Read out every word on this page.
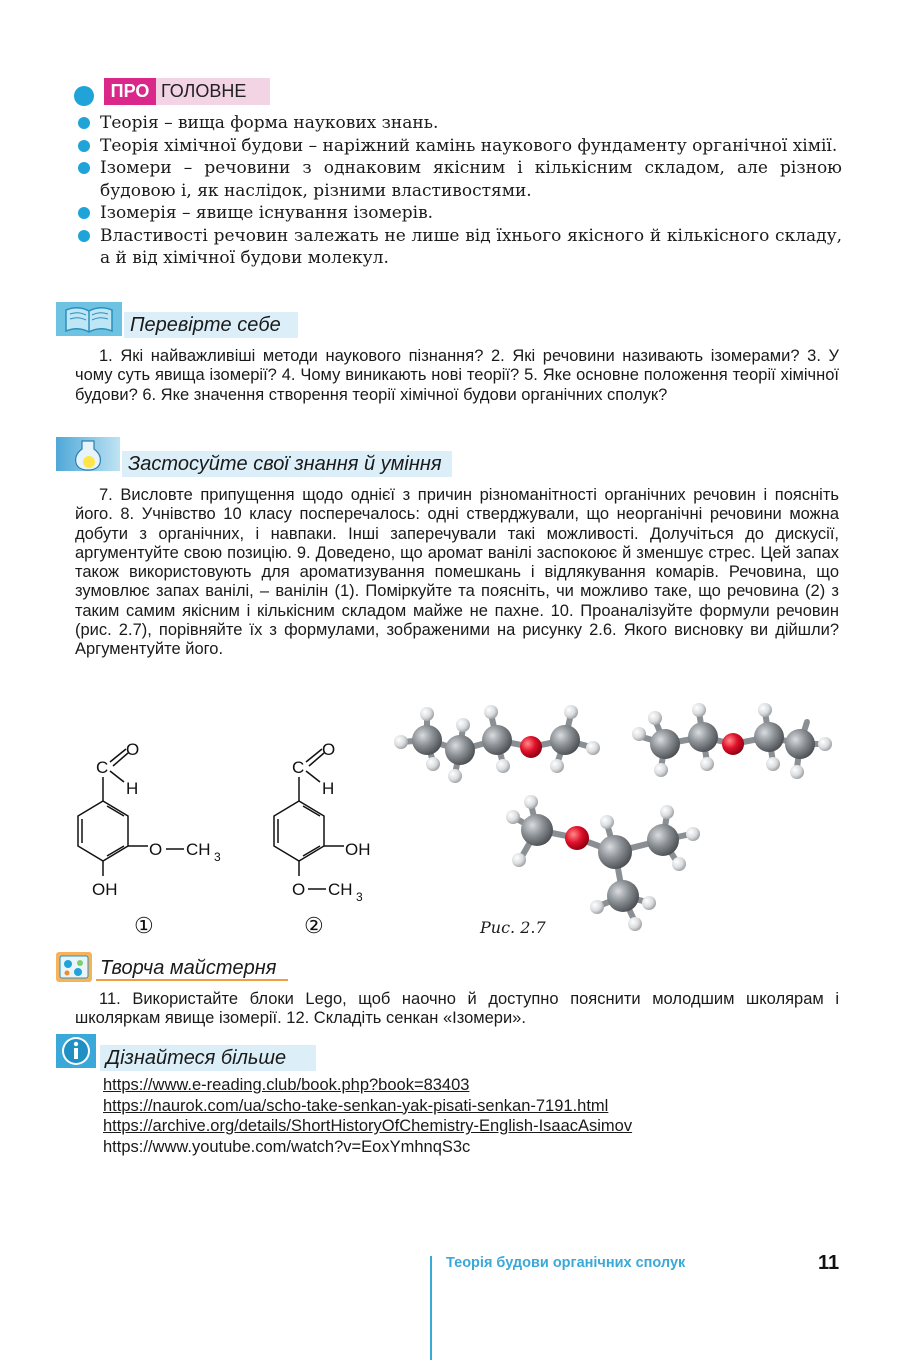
ПРО ГОЛОВНЕ
Теорія – вища форма наукових знань.
Теорія хімічної будови – наріжний камінь наукового фундаменту органічної хімії.
Ізомери – речовини з однаковим якісним і кількісним складом, але різною будовою і, як наслідок, різними властивостями.
Ізомерія – явище існування ізомерів.
Властивості речовин залежать не лише від їхнього якісного й кількісного складу, а й від хімічної будови молекул.
Перевірте себе

1. Які найважливіші методи наукового пізнання? 2. Які речовини називають ізомерами? 3. У чому суть явища ізомерії? 4. Чому виникають нові теорії? 5. Яке основне положення теорії хімічної будови? 6. Яке значення створення теорії хімічної будови органічних сполук?

Застосуйте свої знання й уміння

7. Висловте припущення щодо однієї з причин різноманітності органічних речовин і поясніть його. 8. Учнівство 10 класу посперечалось: одні стверджували, що неорганічні речовини можна добути з органічних, і навпаки. Інші заперечували такі можливості. Долучіться до дискусії, аргументуйте свою позицію. 9. Доведено, що аромат ванілі заспокоює й зменшує стрес. Цей запах також використовують для ароматизування помешкань і відлякування комарів. Речовина, що зумовлює запах ванілі, – ванілін (1). Поміркуйте та поясніть, чи можливо таке, що речовина (2) з таким самим якісним і кількісним складом майже не пахне. 10. Проаналізуйте формули речовин (рис. 2.7), порівняйте їх з формулами, зображеними на рисунку 2.6. Якого висновку ви дійшли? Аргументуйте його.

O
C
H
O CH 3
OH
①
O
C
H
OH
O CH 3
②	Рис. 2.7
Творча майстерня

11. Використайте блоки Lego, щоб наочно й доступно пояснити молодшим школярам і школяркам явище ізомерії. 12. Складіть сенкан «Ізомери».

Дізнайтеся більше
https://www.e-reading.club/book.php?book=83403
https://naurok.com/ua/scho-take-senkan-yak-pisati-senkan-7191.html
https://archive.org/details/ShortHistoryOfChemistry-English-IsaacAsimov
https://www.youtube.com/watch?v=EoxYmhnqS3c
Теорія будови органічних сполук	11
